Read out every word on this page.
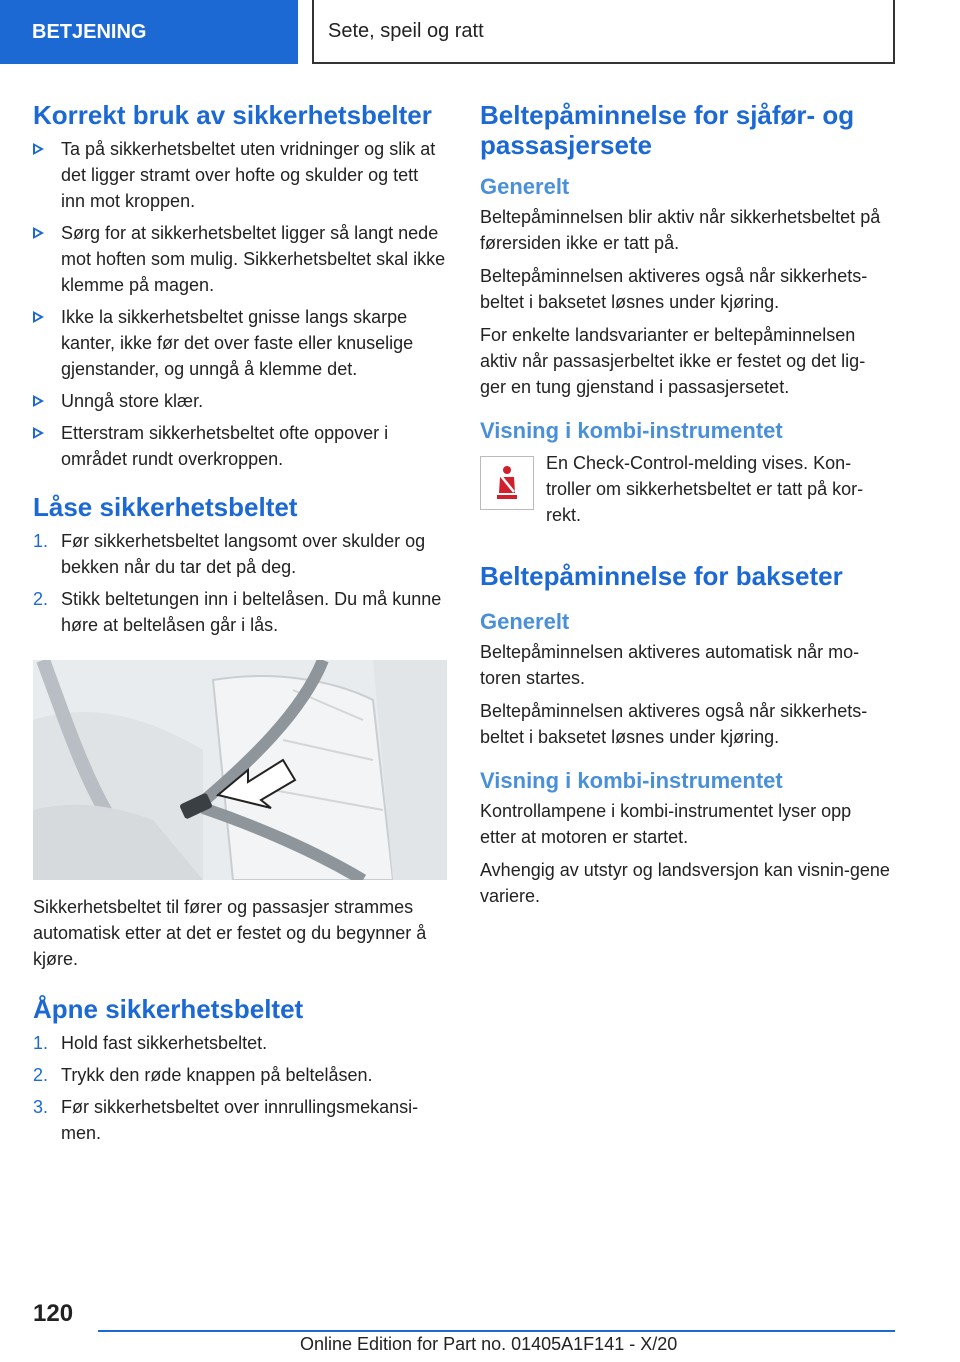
BETJENING	Sete, speil og ratt
Korrekt bruk av sikkerhetsbelter
Ta på sikkerhetsbeltet uten vridninger og slik at det ligger stramt over hofte og skulder og tett inn mot kroppen.
Sørg for at sikkerhetsbeltet ligger så langt nede mot hoften som mulig. Sikkerhetsbeltet skal ikke klemme på magen.
Ikke la sikkerhetsbeltet gnisse langs skarpe kanter, ikke før det over faste eller knuselige gjenstander, og unngå å klemme det.
Unngå store klær.
Etterstram sikkerhetsbeltet ofte oppover i området rundt overkroppen.
Låse sikkerhetsbeltet
1. Før sikkerhetsbeltet langsomt over skulder og bekken når du tar det på deg.
2. Stikk beltetungen inn i beltelåsen. Du må kunne høre at beltelåsen går i lås.

Sikkerhetsbeltet til fører og passasjer strammes automatisk etter at det er festet og du begynner å kjøre.

Åpne sikkerhetsbeltet
1. Hold fast sikkerhetsbeltet.
2. Trykk den røde knappen på beltelåsen.
3. Før sikkerhetsbeltet over innrullingsmekansi-men.
Beltepåminnelse for sjåfør- og passasjersete
Generelt

Beltepåminnelsen blir aktiv når sikkerhetsbeltet på førersiden ikke er tatt på.

Beltepåminnelsen aktiveres også når sikkerhets-beltet i baksetet løsnes under kjøring.

For enkelte landsvarianter er beltepåminnelsen aktiv når passasjerbeltet ikke er festet og det lig-ger en tung gjenstand i passasjersetet.

Visning i kombi-instrumentet

En Check-Control-melding vises. Kon-troller om sikkerhetsbeltet er tatt på kor-rekt.

Beltepåminnelse for bakseter
Generelt

Beltepåminnelsen aktiveres automatisk når mo-toren startes.

Beltepåminnelsen aktiveres også når sikkerhets-beltet i baksetet løsnes under kjøring.

Visning i kombi-instrumentet

Kontrollampene i kombi-instrumentet lyser opp etter at motoren er startet.

Avhengig av utstyr og landsversjon kan visnin-gene variere.

120
Online Edition for Part no. 01405A1F141 - X/20
